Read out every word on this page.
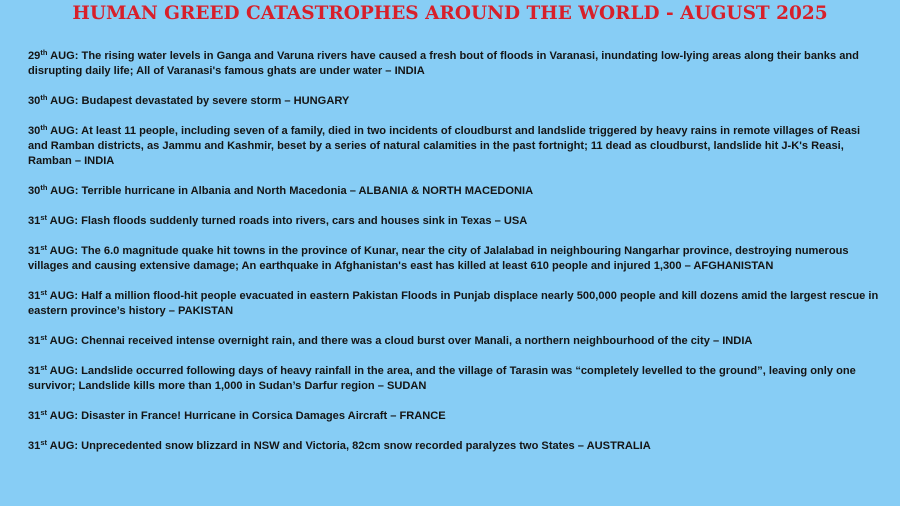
HUMAN GREED CATASTROPHES AROUND THE WORLD - AUGUST 2025
29th AUG: The rising water levels in Ganga and Varuna rivers have caused a fresh bout of floods in Varanasi, inundating low-lying areas along their banks and disrupting daily life; All of Varanasi's famous ghats are under water – INDIA
30th AUG: Budapest devastated by severe storm – HUNGARY
30th AUG: At least 11 people, including seven of a family, died in two incidents of cloudburst and landslide triggered by heavy rains in remote villages of Reasi and Ramban districts, as Jammu and Kashmir, beset by a series of natural calamities in the past fortnight; 11 dead as cloudburst, landslide hit J-K's Reasi, Ramban – INDIA
30th AUG: Terrible hurricane in Albania and North Macedonia – ALBANIA & NORTH MACEDONIA
31st AUG: Flash floods suddenly turned roads into rivers, cars and houses sink in Texas – USA
31st AUG: The 6.0 magnitude quake hit towns in the province of Kunar, near the city of Jalalabad in neighbouring Nangarhar province, destroying numerous villages and causing extensive damage; An earthquake in Afghanistan's east has killed at least 610 people and injured 1,300 – AFGHANISTAN
31st AUG: Half a million flood-hit people evacuated in eastern Pakistan Floods in Punjab displace nearly 500,000 people and kill dozens amid the largest rescue in eastern province’s history – PAKISTAN
31st AUG: Chennai received intense overnight rain, and there was a cloud burst over Manali, a northern neighbourhood of the city – INDIA
31st AUG: Landslide occurred following days of heavy rainfall in the area, and the village of Tarasin was “completely levelled to the ground”, leaving only one survivor; Landslide kills more than 1,000 in Sudan’s Darfur region – SUDAN
31st AUG: Disaster in France! Hurricane in Corsica Damages Aircraft – FRANCE
31st AUG: Unprecedented snow blizzard in NSW and Victoria, 82cm snow recorded paralyzes two States – AUSTRALIA
